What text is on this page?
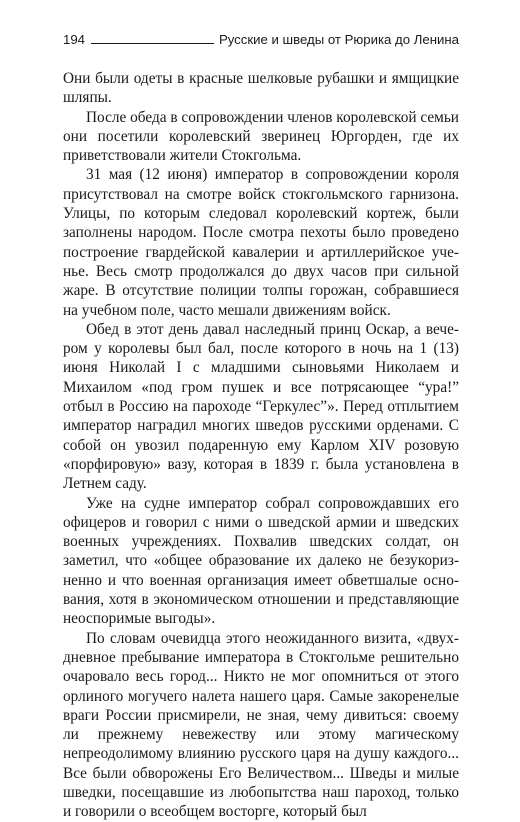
194	Русские и шведы от Рюрика до Ленина

Они были одеты в красные шелковые рубашки и ямщицкие шляпы.

После обеда в сопровождении членов королевской семьи они посетили королевский зверинец Юргорден, где их приветствовали жители Стокгольма.

31 мая (12 июня) император в сопровождении короля присутствовал на смотре войск стокгольмского гарнизона. Улицы, по которым следовал королевский кортеж, были заполнены народом. После смотра пехоты было проведено построение гвардейской кавалерии и артиллерийское ученье. Весь смотр продолжался до двух часов при сильной жаре. В отсутствие полиции толпы горожан, собравшиеся на учебном поле, часто мешали движениям войск.

Обед в этот день давал наследный принц Оскар, а вечером у королевы был бал, после которого в ночь на 1 (13) июня Николай I с младшими сыновьями Николаем и Михаилом «под гром пушек и все потрясающее “ура!” отбыл в Россию на пароходе “Геркулес”». Перед отплытием император наградил многих шведов русскими орденами. С собой он увозил подаренную ему Карлом XIV розовую «порфировую» вазу, которая в 1839 г. была установлена в Летнем саду.

Уже на судне император собрал сопровождавших его офицеров и говорил с ними о шведской армии и шведских военных учреждениях. Похвалив шведских солдат, он заметил, что «общее образование их далеко не безукоризненно и что военная организация имеет обветшалые основания, хотя в экономическом отношении и представляющие неоспоримые выгоды».

По словам очевидца этого неожиданного визита, «двухдневное пребывание императора в Стокгольме решительно очаровало весь город... Никто не мог опомниться от этого орлиного могучего налета нашего царя. Самые закоренелые враги России присмирели, не зная, чему дивиться: своему ли прежнему невежеству или этому магическому непреодолимому влиянию русского царя на душу каждого... Все были обворожены Его Величеством... Шведы и милые шведки, посещавшие из любопытства наш пароход, только и говорили о всеобщем восторге, который был
